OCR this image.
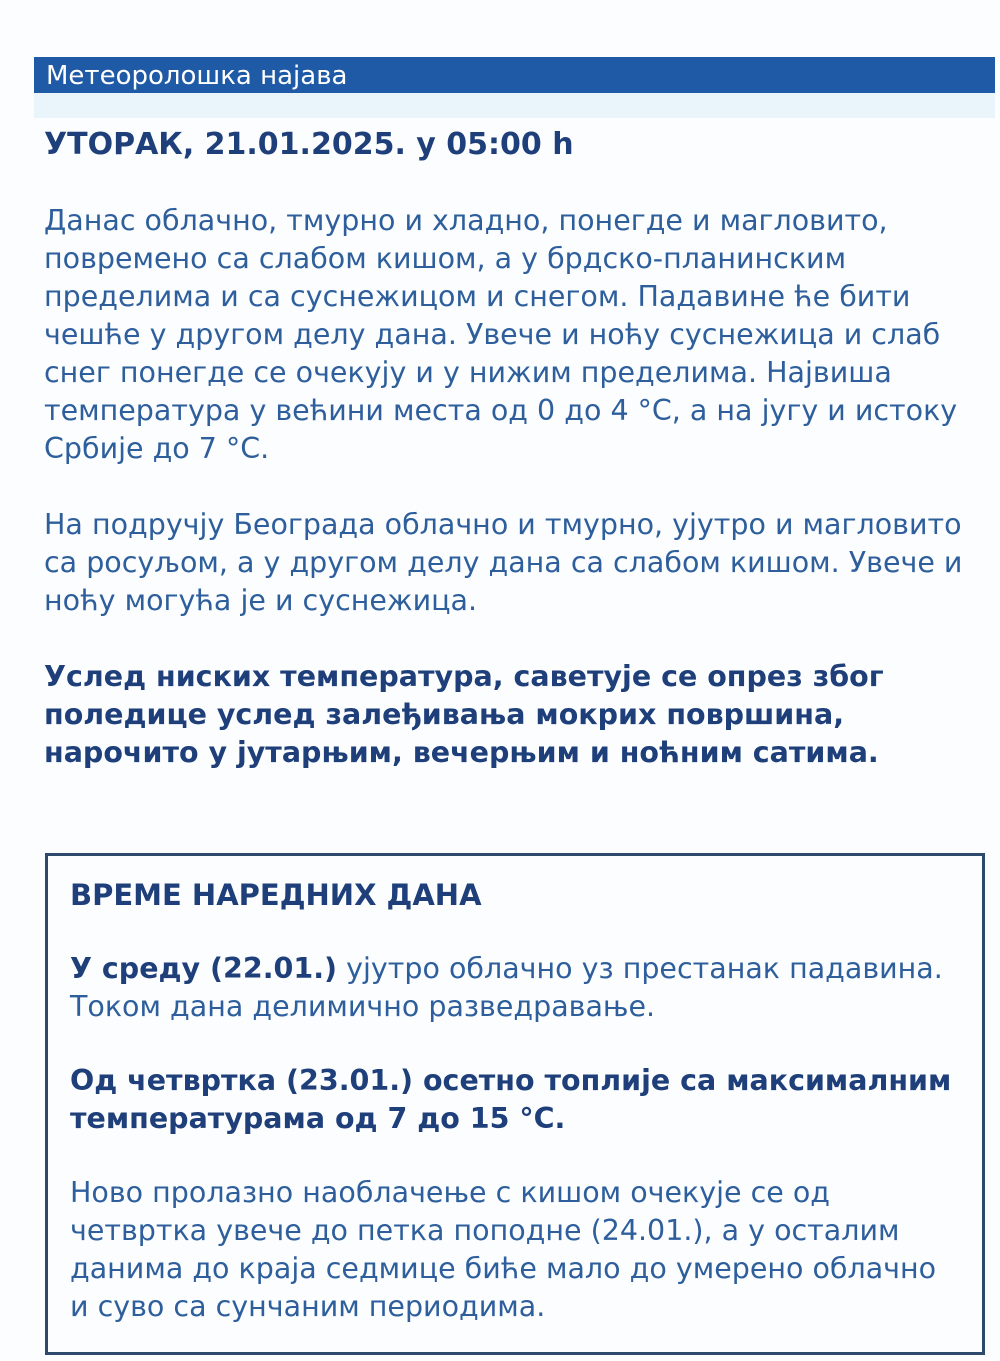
Метеоролошка најава
УТОРАК, 21.01.2025. у 05:00 h

Данас облачно, тмурно и хладно, понегде и магловито, повремено са слабом кишом, а у брдско-планинским пределима и са суснежицом и снегом. Падавине ће бити чешће у другом делу дана. Увече и ноћу суснежица и слаб снег понегде се очекују и у нижим пределима. Највиша температура у већини места од 0 до 4 °C, а на југу и истоку Србије до 7 °C.

На подручју Београда облачно и тмурно, ујутро и магловито са росуљом, а у другом делу дана са слабом кишом. Увече и ноћу могућа је и суснежица.

Услед ниских температура, саветује се опрез због поледице услед залеђивања мокрих површина, нарочито у јутарњим, вечерњим и ноћним сатима.

ВРЕМЕ НАРЕДНИХ ДАНА

У среду (22.01.) ујутро облачно уз престанак падавина. Током дана делимично разведравање.

Од четвртка (23.01.) осетно топлије са максималним температурама од 7 до 15 °C.

Ново пролазно наоблачење с кишом очекује се од четвртка увече до петка поподне (24.01.), а у осталим данима до краја седмице биће мало до умерено облачно и суво са сунчаним периодима.
